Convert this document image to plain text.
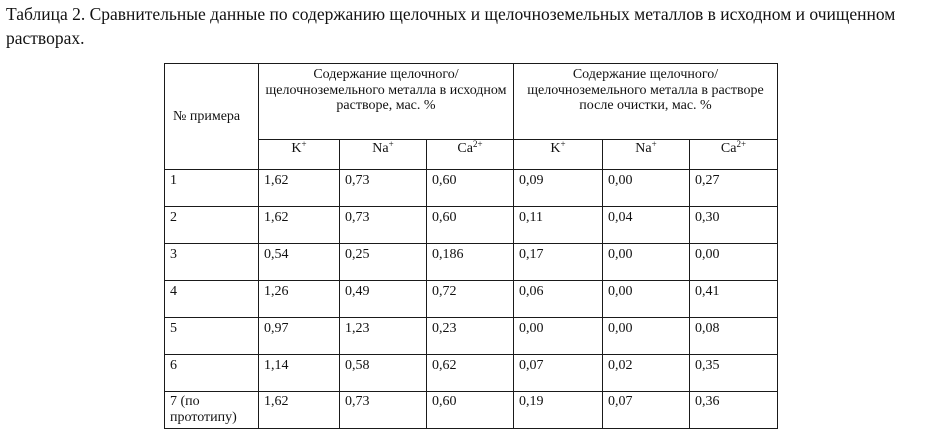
Таблица 2. Сравнительные данные по содержанию щелочных и щелочноземельных металлов в исходном и очищенном растворах.

№ примера	Содержание щелочного/щелочноземельного металла в исходном растворе, мас. %			Содержание щелочного/щелочноземельного металла в растворе после очистки, мас. %		
	K+	Na+	$Ca^{2+}$	K+	Na+	$Ca^{2+}$
1	1,62	0,73	0,60	0,09	0,00	0,27
2	1,62	0,73	0,60	0,11	0,04	0,30
3	0,54	0,25	0,186	0,17	0,00	0,00
4	1,26	0,49	0,72	0,06	0,00	0,41
5	0,97	1,23	0,23	0,00	0,00	0,08
6	1,14	0,58	0,62	0,07	0,02	0,35
7 (по прототипу)	1,62	0,73	0,60	0,19	0,07	0,36
